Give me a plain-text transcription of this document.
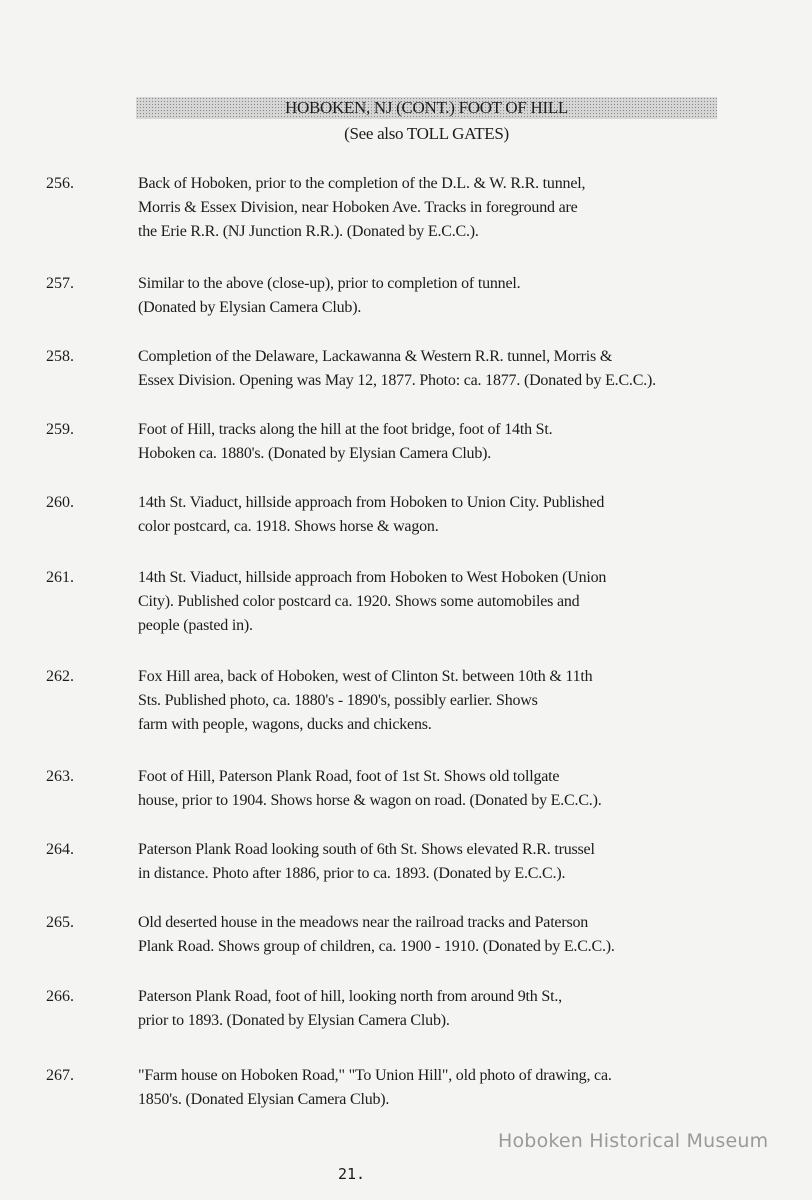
HOBOKEN, NJ (CONT.) FOOT OF HILL
(See also TOLL GATES)
256.	Back of Hoboken, prior to the completion of the D.L. & W. R.R. tunnel,
Morris & Essex Division, near Hoboken Ave. Tracks in foreground are
the Erie R.R. (NJ Junction R.R.). (Donated by E.C.C.).
257.	Similar to the above (close-up), prior to completion of tunnel.
(Donated by Elysian Camera Club).
258.	Completion of the Delaware, Lackawanna & Western R.R. tunnel, Morris &
Essex Division. Opening was May 12, 1877. Photo: ca. 1877. (Donated by E.C.C.).
259.	Foot of Hill, tracks along the hill at the foot bridge, foot of 14th St.
Hoboken ca. 1880's. (Donated by Elysian Camera Club).
260.	14th St. Viaduct, hillside approach from Hoboken to Union City. Published
color postcard, ca. 1918. Shows horse & wagon.
261.	14th St. Viaduct, hillside approach from Hoboken to West Hoboken (Union
City). Published color postcard ca. 1920. Shows some automobiles and
people (pasted in).
262.	Fox Hill area, back of Hoboken, west of Clinton St. between 10th & 11th
Sts. Published photo, ca. 1880's - 1890's, possibly earlier. Shows
farm with people, wagons, ducks and chickens.
263.	Foot of Hill, Paterson Plank Road, foot of 1st St. Shows old tollgate
house, prior to 1904. Shows horse & wagon on road. (Donated by E.C.C.).
264.	Paterson Plank Road looking south of 6th St. Shows elevated R.R. trussel
in distance. Photo after 1886, prior to ca. 1893. (Donated by E.C.C.).
265.	Old deserted house in the meadows near the railroad tracks and Paterson
Plank Road. Shows group of children, ca. 1900 - 1910. (Donated by E.C.C.).
266.	Paterson Plank Road, foot of hill, looking north from around 9th St.,
prior to 1893. (Donated by Elysian Camera Club).
267.	"Farm house on Hoboken Road," "To Union Hill", old photo of drawing, ca.
1850's. (Donated Elysian Camera Club).
Hoboken Historical Museum
21.
